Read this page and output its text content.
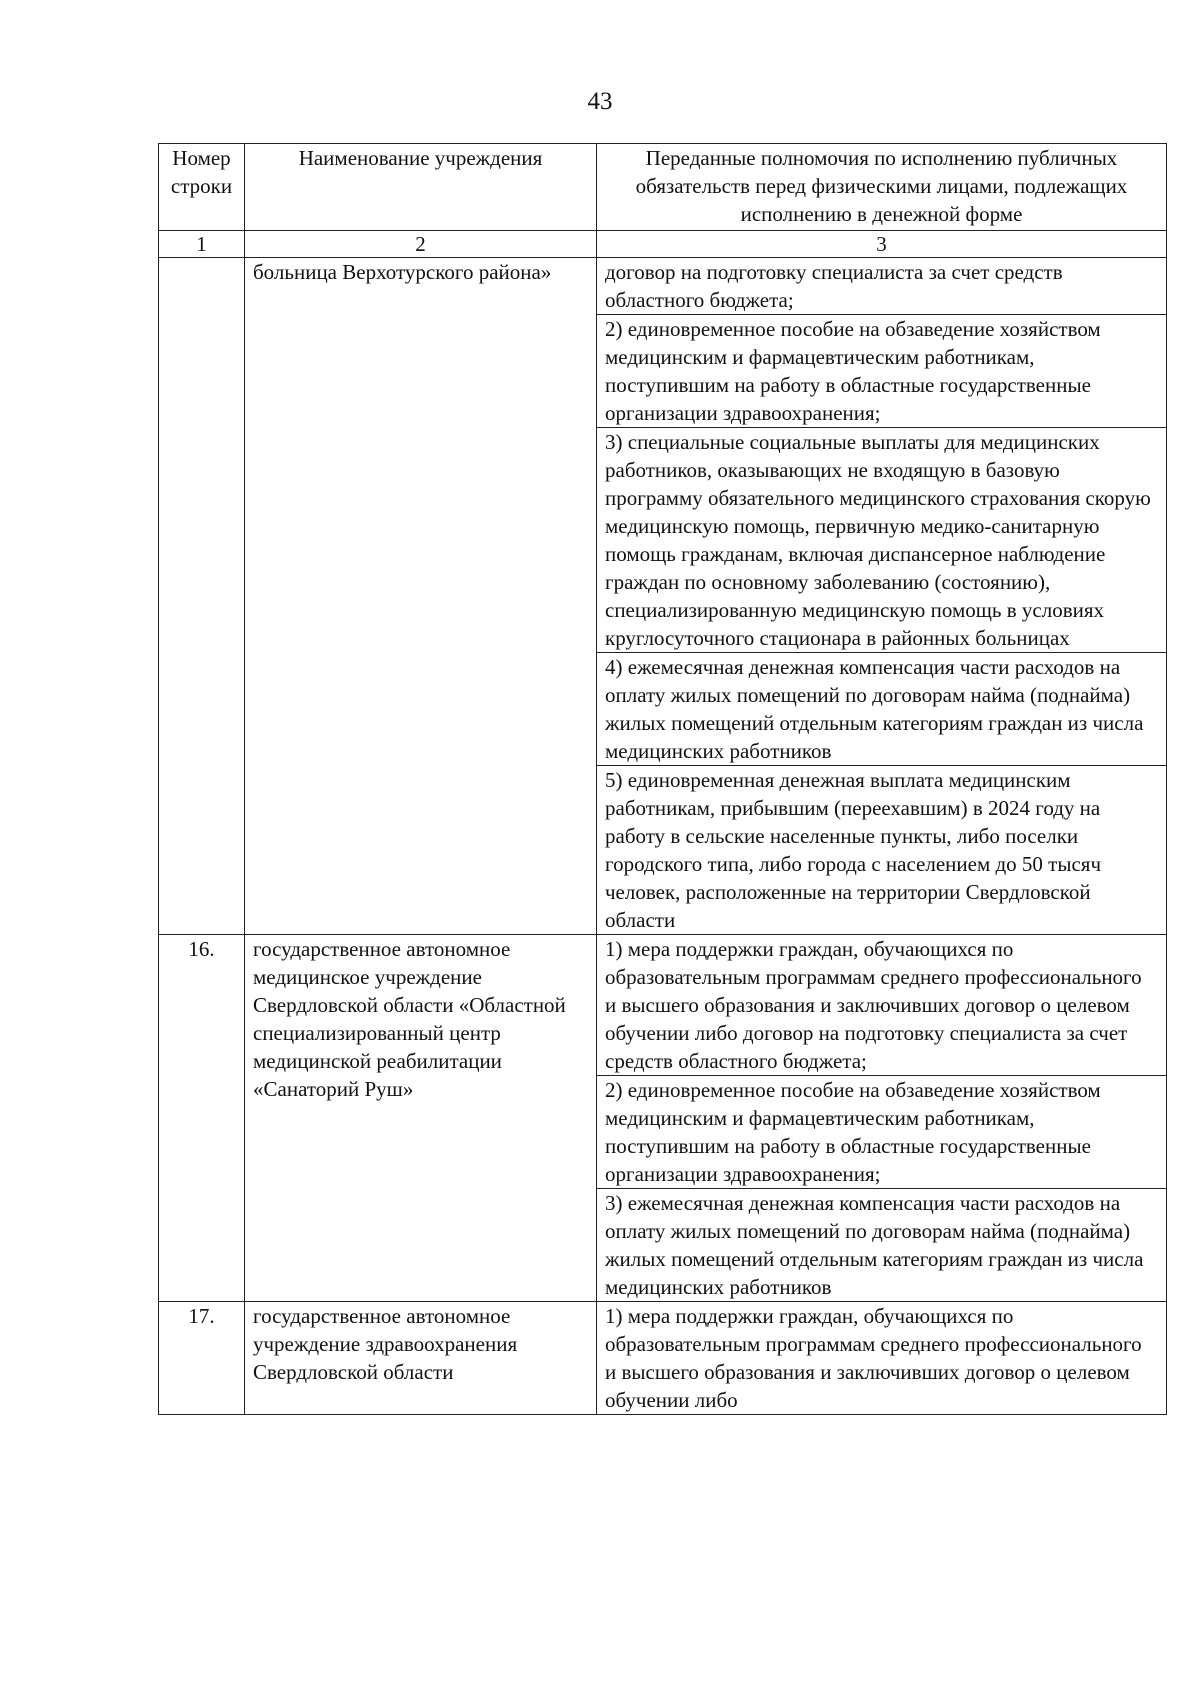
43
Номер строки	Наименование учреждения	Переданные полномочия по исполнению публичных обязательств перед физическими лицами, подлежащих исполнению в денежной форме
1	2	3
	больница Верхотурского района»	договор на подготовку специалиста за счет средств областного бюджета;
		2) единовременное пособие на обзаведение хозяйством медицинским и фармацевтическим работникам, поступившим на работу в областные государственные организации здравоохранения;
		3) специальные социальные выплаты для медицинских работников, оказывающих не входящую в базовую программу обязательного медицинского страхования скорую медицинскую помощь, первичную медико-санитарную помощь гражданам, включая диспансерное наблюдение граждан по основному заболеванию (состоянию), специализированную медицинскую помощь в условиях круглосуточного стационара в районных больницах
		4) ежемесячная денежная компенсация части расходов на оплату жилых помещений по договорам найма (поднайма) жилых помещений отдельным категориям граждан из числа медицинских работников
		5) единовременная денежная выплата медицинским работникам, прибывшим (переехавшим) в 2024 году на работу в сельские населенные пункты, либо поселки городского типа, либо города с населением до 50 тысяч человек, расположенные на территории Свердловской области
16.	государственное автономное медицинское учреждение Свердловской области «Областной специализированный центр медицинской реабилитации «Санаторий Руш»	1) мера поддержки граждан, обучающихся по образовательным программам среднего профессионального и высшего образования и заключивших договор о целевом обучении либо договор на подготовку специалиста за счет средств областного бюджета;
		2) единовременное пособие на обзаведение хозяйством медицинским и фармацевтическим работникам, поступившим на работу в областные государственные организации здравоохранения;
		3) ежемесячная денежная компенсация части расходов на оплату жилых помещений по договорам найма (поднайма) жилых помещений отдельным категориям граждан из числа медицинских работников
17.	государственное автономное учреждение здравоохранения Свердловской области	1) мера поддержки граждан, обучающихся по образовательным программам среднего профессионального и высшего образования и заключивших договор о целевом обучении либо
